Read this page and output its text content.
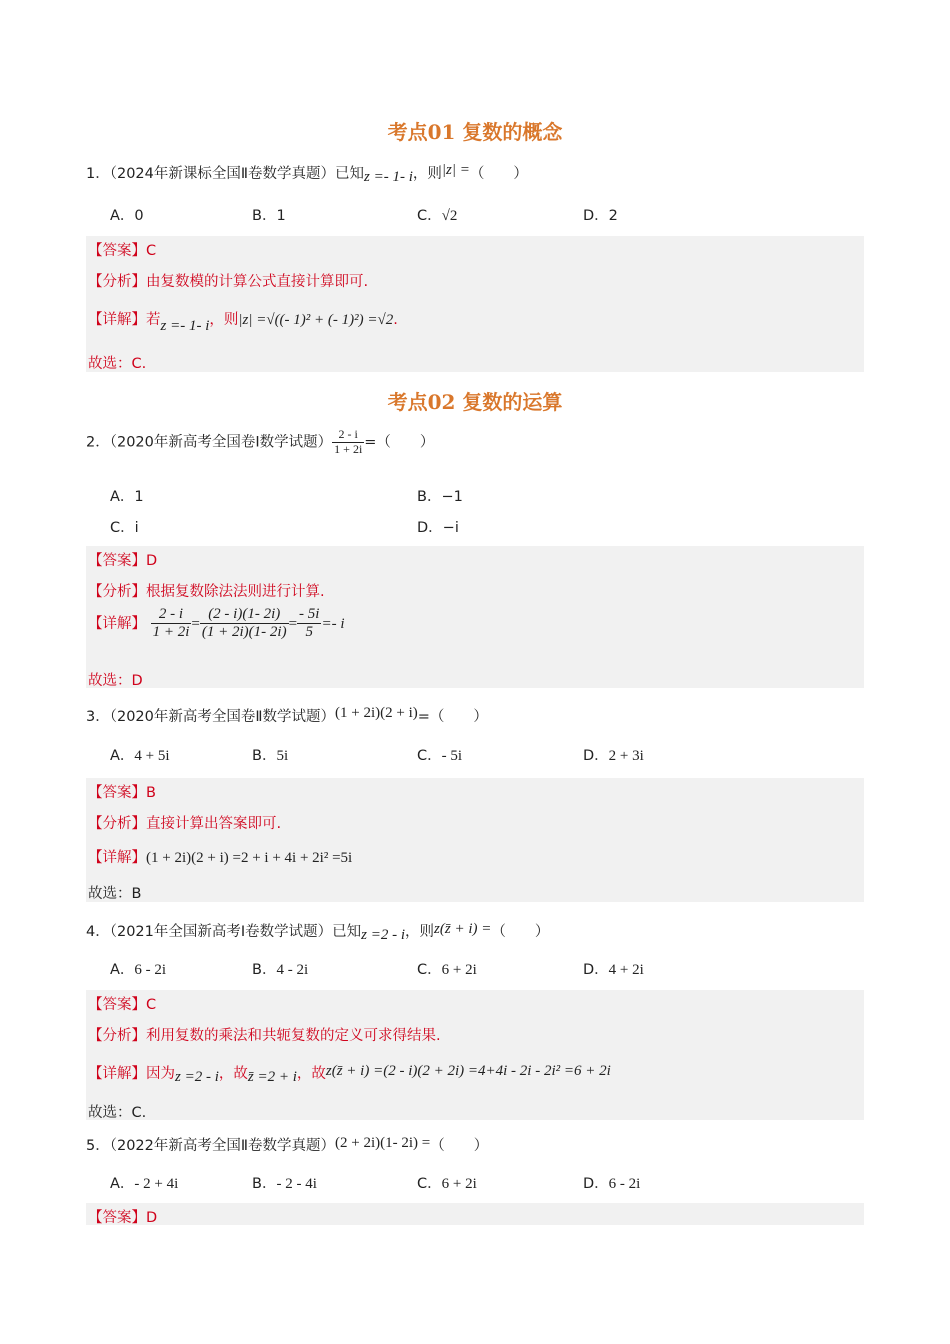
考点01 复数的概念
1．（2024年新课标全国Ⅱ卷数学真题）已知z =- 1- i，则|z| =（　　）
A．0	B．1	C．√2	D．2
【答案】C
【分析】由复数模的计算公式直接计算即可.
【详解】若z =- 1- i，则|z| =√((- 1)² + (- 1)²) =√2.
故选：C.
考点02 复数的运算
2．（2020年新高考全国卷Ⅰ数学试题） $\frac{2 - i}{1 + 2i}$ =（　　）
A．1	B．−1
C．i	D．−i
【答案】D
【分析】根据复数除法法则进行计算.
【详解】 $\frac{2 - i}{1 + 2i} = \frac{(2 - i)(1- 2i)}{(1 + 2i)(1- 2i)} = \frac{- 5i}{5} =- i$
故选：D
3．（2020年新高考全国卷Ⅱ数学试题）(1 + 2i)(2 + i)=（　　）
A．4 + 5i	B．5i	C．- 5i	D．2 + 3i
【答案】B
【分析】直接计算出答案即可.
【详解】(1 + 2i)(2 + i) =2 + i + 4i + 2i² =5i
故选：B
4．（2021年全国新高考Ⅰ卷数学试题）已知z =2 - i，则z(z̄ + i) =（　　）
A．6 - 2i	B．4 - 2i	C．6 + 2i	D．4 + 2i
【答案】C
【分析】利用复数的乘法和共轭复数的定义可求得结果.
【详解】因为z =2 - i，故z̄ =2 + i，故z(z̄ + i) =(2 - i)(2 + 2i) =4+4i - 2i - 2i² =6 + 2i
故选：C.
5．（2022年新高考全国Ⅱ卷数学真题）(2 + 2i)(1- 2i) =（　　）
A．- 2 + 4i	B．- 2 - 4i	C．6 + 2i	D．6 - 2i
【答案】D
